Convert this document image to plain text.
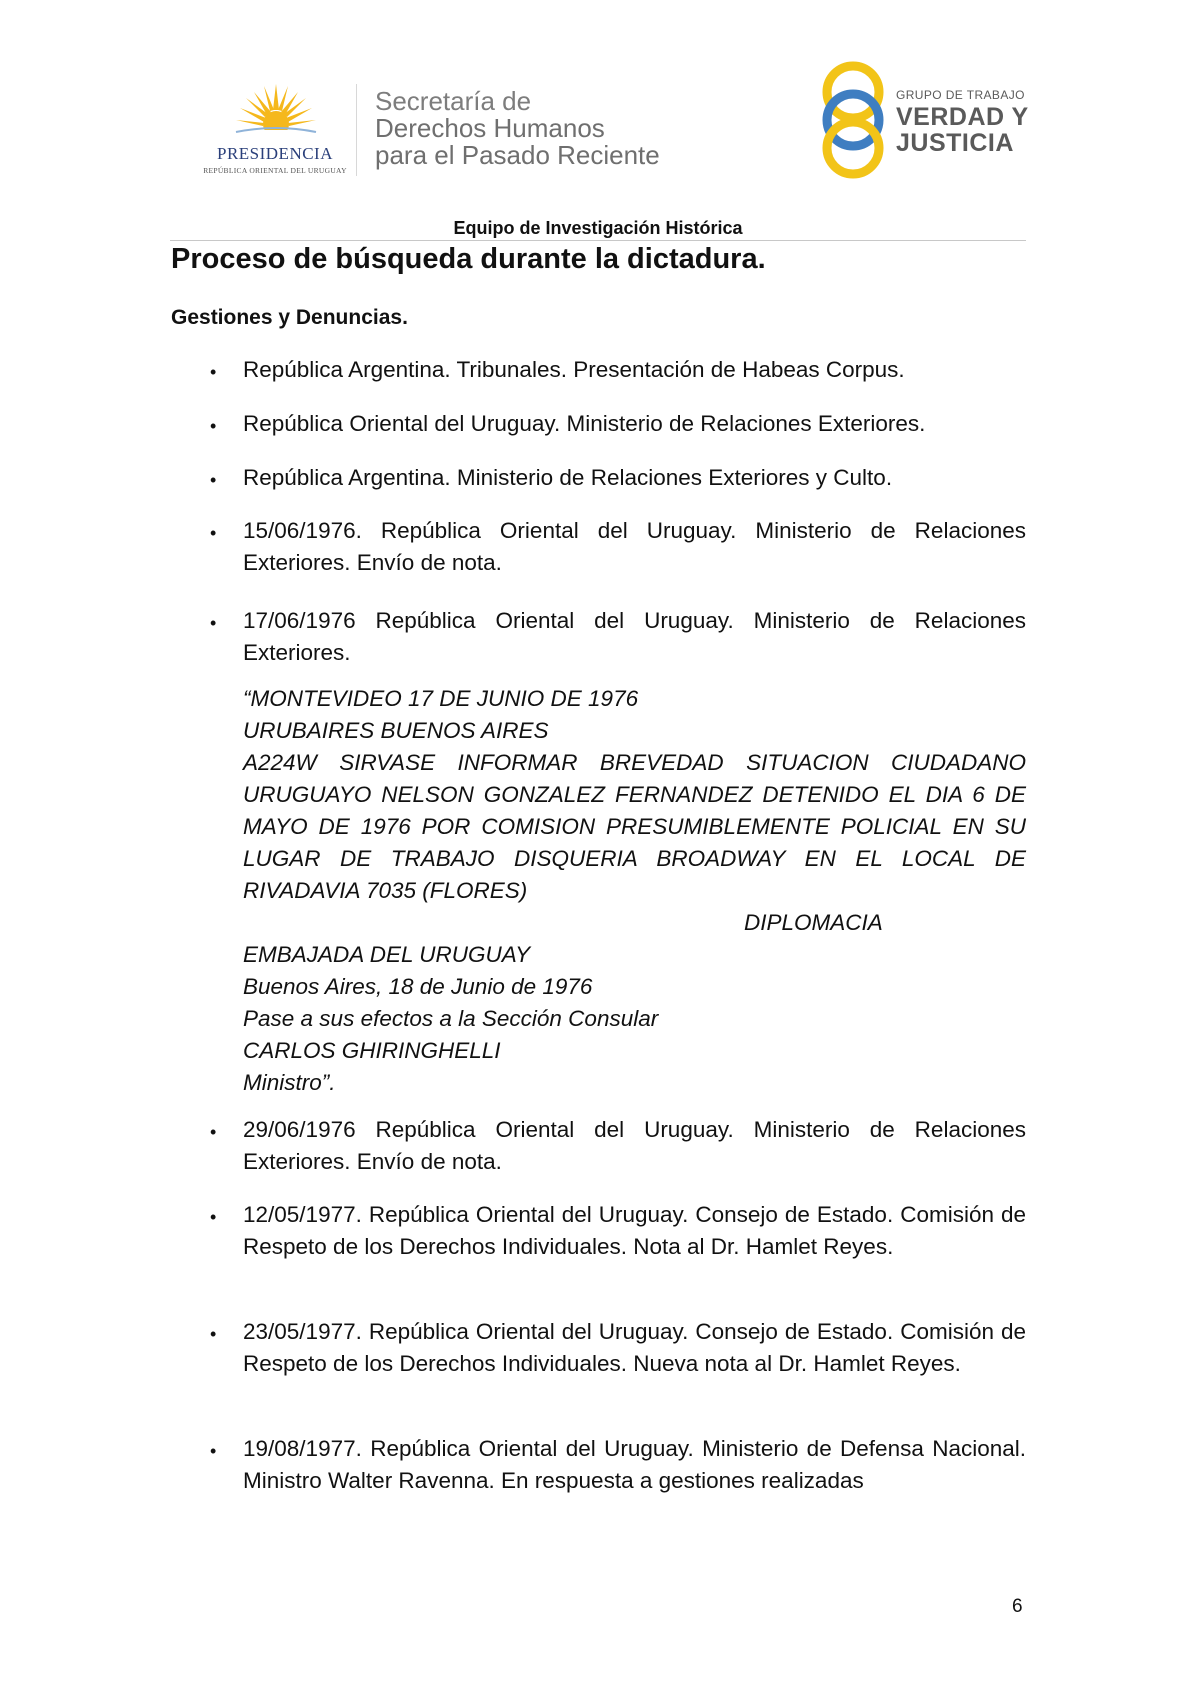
PRESIDENCIA
REPÚBLICA ORIENTAL DEL URUGUAY
Secretaría de
Derechos Humanos
para el Pasado Reciente
GRUPO DE TRABAJO
VERDAD Y
JUSTICIA
Equipo de Investigación Histórica
Proceso de búsqueda durante la dictadura.
Gestiones y Denuncias.
• República Argentina. Tribunales. Presentación de Habeas Corpus.
• República Oriental del Uruguay. Ministerio de Relaciones Exteriores.
• República Argentina. Ministerio de Relaciones Exteriores y Culto.
• 15/06/1976. República Oriental del Uruguay. Ministerio de Relaciones Exteriores. Envío de nota.
• 17/06/1976 República Oriental del Uruguay. Ministerio de Relaciones Exteriores.
“MONTEVIDEO 17 DE JUNIO DE 1976
URUBAIRES BUENOS AIRES
A224W SIRVASE INFORMAR BREVEDAD SITUACION CIUDADANO URUGUAYO NELSON GONZALEZ FERNANDEZ DETENIDO EL DIA 6 DE MAYO DE 1976 POR COMISION PRESUMIBLEMENTE POLICIAL EN SU LUGAR DE TRABAJO DISQUERIA BROADWAY EN EL LOCAL DE RIVADAVIA 7035 (FLORES)
EMBAJADA DEL URUGUAY
Buenos Aires, 18 de Junio de 1976
Pase a sus efectos a la Sección Consular
CARLOS GHIRINGHELLI
Ministro”.
DIPLOMACIA
• 29/06/1976 República Oriental del Uruguay. Ministerio de Relaciones Exteriores. Envío de nota.
• 12/05/1977. República Oriental del Uruguay. Consejo de Estado. Comisión de Respeto de los Derechos Individuales. Nota al Dr. Hamlet Reyes.
• 23/05/1977. República Oriental del Uruguay. Consejo de Estado. Comisión de Respeto de los Derechos Individuales. Nueva nota al Dr. Hamlet Reyes.
• 19/08/1977. República Oriental del Uruguay. Ministerio de Defensa Nacional. Ministro Walter Ravenna. En respuesta a gestiones realizadas
6
